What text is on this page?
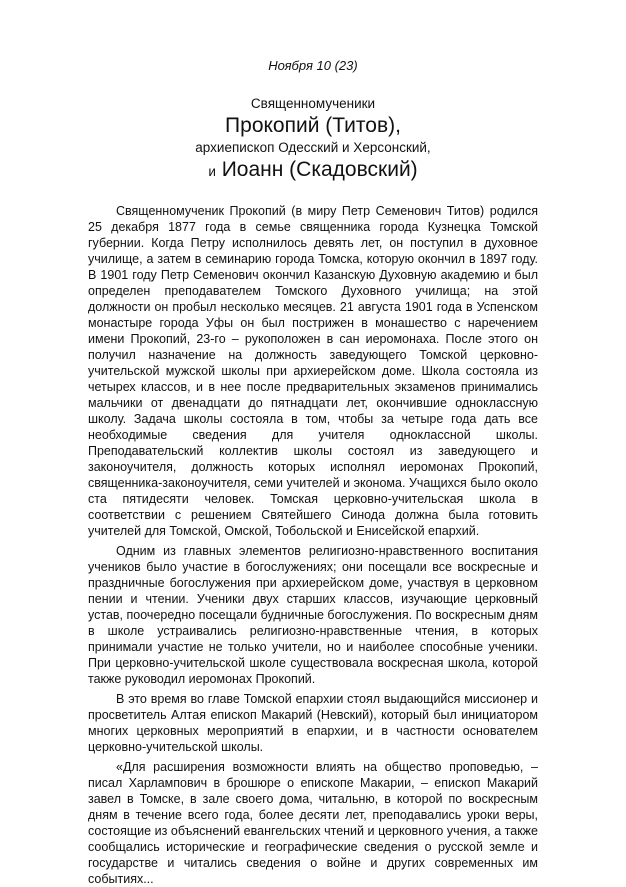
Ноября 10 (23)
Священномученики
Прокопий (Титов),
архиепископ Одесский и Херсонский,
и Иоанн (Скадовский)

Священномученик Прокопий (в миру Петр Семенович Титов) родился 25 декабря 1877 года в семье священника города Кузнецка Томской губернии. Когда Петру исполнилось девять лет, он поступил в духовное училище, а затем в семинарию города Томска, которую окончил в 1897 году. В 1901 году Петр Семенович окончил Казанскую Духовную академию и был определен преподавателем Томского Духовного училища; на этой должности он пробыл несколько месяцев. 21 августа 1901 года в Успенском монастыре города Уфы он был пострижен в монашество с наречением имени Прокопий, 23-го – рукоположен в сан иеромонаха. После этого он получил назначение на должность заведующего Томской церковно-учительской мужской школы при архиерейском доме. Школа состояла из четырех классов, и в нее после предварительных экзаменов принимались мальчики от двенадцати до пятнадцати лет, окончившие одноклассную школу. Задача школы состояла в том, чтобы за четыре года дать все необходимые сведения для учителя одноклассной школы. Преподавательский коллектив школы состоял из заведующего и законоучителя, должность которых исполнял иеромонах Прокопий, священника-законоучителя, семи учителей и эконома. Учащихся было около ста пятидесяти человек. Томская церковно-учительская школа в соответствии с решением Святейшего Синода должна была готовить учителей для Томской, Омской, Тобольской и Енисейской епархий.

Одним из главных элементов религиозно-нравственного воспитания учеников было участие в богослужениях; они посещали все воскресные и праздничные богослужения при архиерейском доме, участвуя в церковном пении и чтении. Ученики двух старших классов, изучающие церковный устав, поочередно посещали будничные богослужения. По воскресным дням в школе устраивались религиозно-нравственные чтения, в которых принимали участие не только учители, но и наиболее способные ученики. При церковно-учительской школе существовала воскресная школа, которой также руководил иеромонах Прокопий.

В это время во главе Томской епархии стоял выдающийся миссионер и просветитель Алтая епископ Макарий (Невский), который был инициатором многих церковных мероприятий в епархии, и в частности основателем церковно-учительской школы.

«Для расширения возможности влиять на общество проповедью, – писал Харлампович в брошюре о епископе Макарии, – епископ Макарий завел в Томске, в зале своего дома, читальню, в которой по воскресным дням в течение всего года, более десяти лет, преподавались уроки веры, состоящие из объяснений евангельских чтений и церковного учения, а также сообщались исторические и географические сведения о русской земле и государстве и читались сведения о войне и других современных им событиях...
